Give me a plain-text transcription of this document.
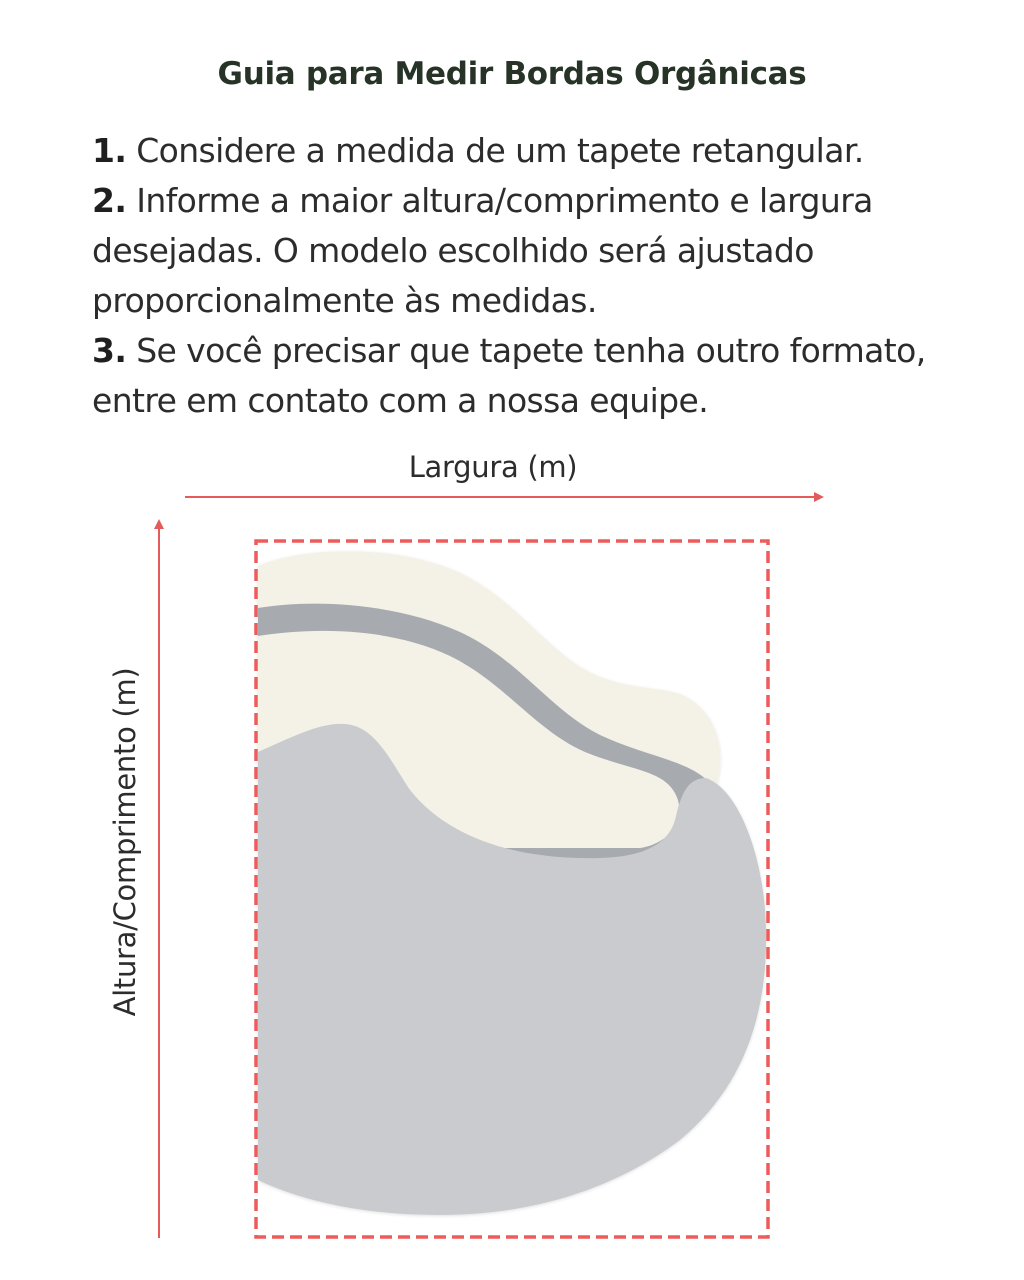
Guia para Medir Bordas Orgânicas
1. Considere a medida de um tapete retangular.
2. Informe a maior altura/comprimento e largura desejadas. O modelo escolhido será ajustado proporcionalmente às medidas.
3. Se você precisar que tapete tenha outro formato, entre em contato com a nossa equipe.
Largura (m)
Altura/Comprimento (m)
